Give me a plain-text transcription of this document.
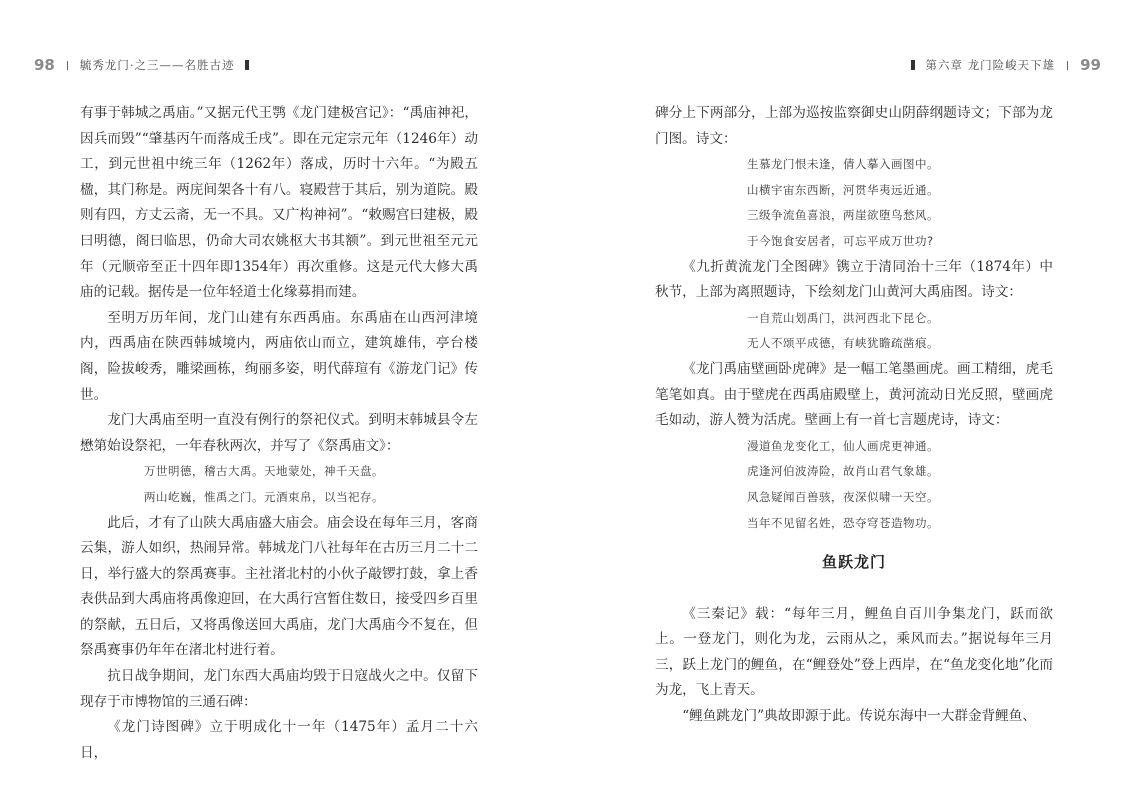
98 毓秀龙门·之三——名胜古迹	第六章 龙门险峻天下雄 99

有事于韩城之禹庙。”又据元代王鹗《龙门建极宫记》：“禹庙神祀，因兵而毁”“肇基丙午而落成壬戌”。即在元定宗元年（1246年）动工，到元世祖中统三年（1262年）落成，历时十六年。“为殿五楹，其门称是。两庑间架各十有八。寝殿营于其后，别为道院。殿则有四，方丈云斋，无一不具。又广构神祠”。“敕赐宫曰建极，殿曰明德，阁曰临思，仍命大司农姚枢大书其额”。到元世祖至元元年（元顺帝至正十四年即1354年）再次重修。这是元代大修大禹庙的记载。据传是一位年轻道士化缘募捐而建。

至明万历年间，龙门山建有东西禹庙。东禹庙在山西河津境内，西禹庙在陕西韩城境内，两庙依山而立，建筑雄伟，亭台楼阁，险拔峻秀，雕梁画栋，绚丽多姿，明代薛瑄有《游龙门记》传世。

龙门大禹庙至明一直没有例行的祭祀仪式。到明末韩城县令左懋第始设祭祀，一年春秋两次，并写了《祭禹庙文》：

万世明德，稽古大禹。天地蒙处，神千天盘。

两山屹巍，惟禹之门。元酒束帛，以当祀存。

此后，才有了山陕大禹庙盛大庙会。庙会设在每年三月，客商云集，游人如织，热闹异常。韩城龙门八社每年在古历三月二十二日，举行盛大的祭禹赛事。主社渚北村的小伙子敲锣打鼓，拿上香表供品到大禹庙将禹像迎回，在大禹行宫暂住数日，接受四乡百里的祭献，五日后，又将禹像送回大禹庙，龙门大禹庙今不复在，但祭禹赛事仍年年在渚北村进行着。

抗日战争期间，龙门东西大禹庙均毁于日寇战火之中。仅留下现存于市博物馆的三通石碑：

《龙门诗图碑》立于明成化十一年（1475年）孟月二十六日，

碑分上下两部分，上部为巡按监察御史山阴薛纲题诗文；下部为龙门图。诗文：

生慕龙门恨未逢，倩人摹入画图中。

山横宇宙东西断，河贯华夷远近通。

三级争流鱼喜浪，两崖欲堕鸟愁风。

于今饱食安居者，可忘平成万世功?

《九折黄流龙门全图碑》镌立于清同治十三年（1874年）中秋节，上部为离照题诗，下绘刻龙门山黄河大禹庙图。诗文：

一自荒山划禹门，洪河西北下昆仑。

无人不颂平成德，有峡犹瞻疏凿痕。

《龙门禹庙壁画卧虎碑》是一幅工笔墨画虎。画工精细，虎毛笔笔如真。由于壁虎在西禹庙殿壁上，黄河流动日光反照，壁画虎毛如动，游人赞为活虎。壁画上有一首七言题虎诗，诗文：

漫道鱼龙变化工，仙人画虎更神通。

虎逢河伯波涛险，故肖山君气象雄。

风急疑闻百兽骇，夜深似啸一天空。

当年不见留名姓，恐夺穹苍造物功。

鱼跃龙门

《三秦记》载：“每年三月，鲤鱼自百川争集龙门，跃而欲上。一登龙门，则化为龙，云雨从之，乘风而去。”据说每年三月三，跃上龙门的鲤鱼，在“鲤登处”登上西岸，在“鱼龙变化地”化而为龙，飞上青天。

“鲤鱼跳龙门”典故即源于此。传说东海中一大群金背鲤鱼、
